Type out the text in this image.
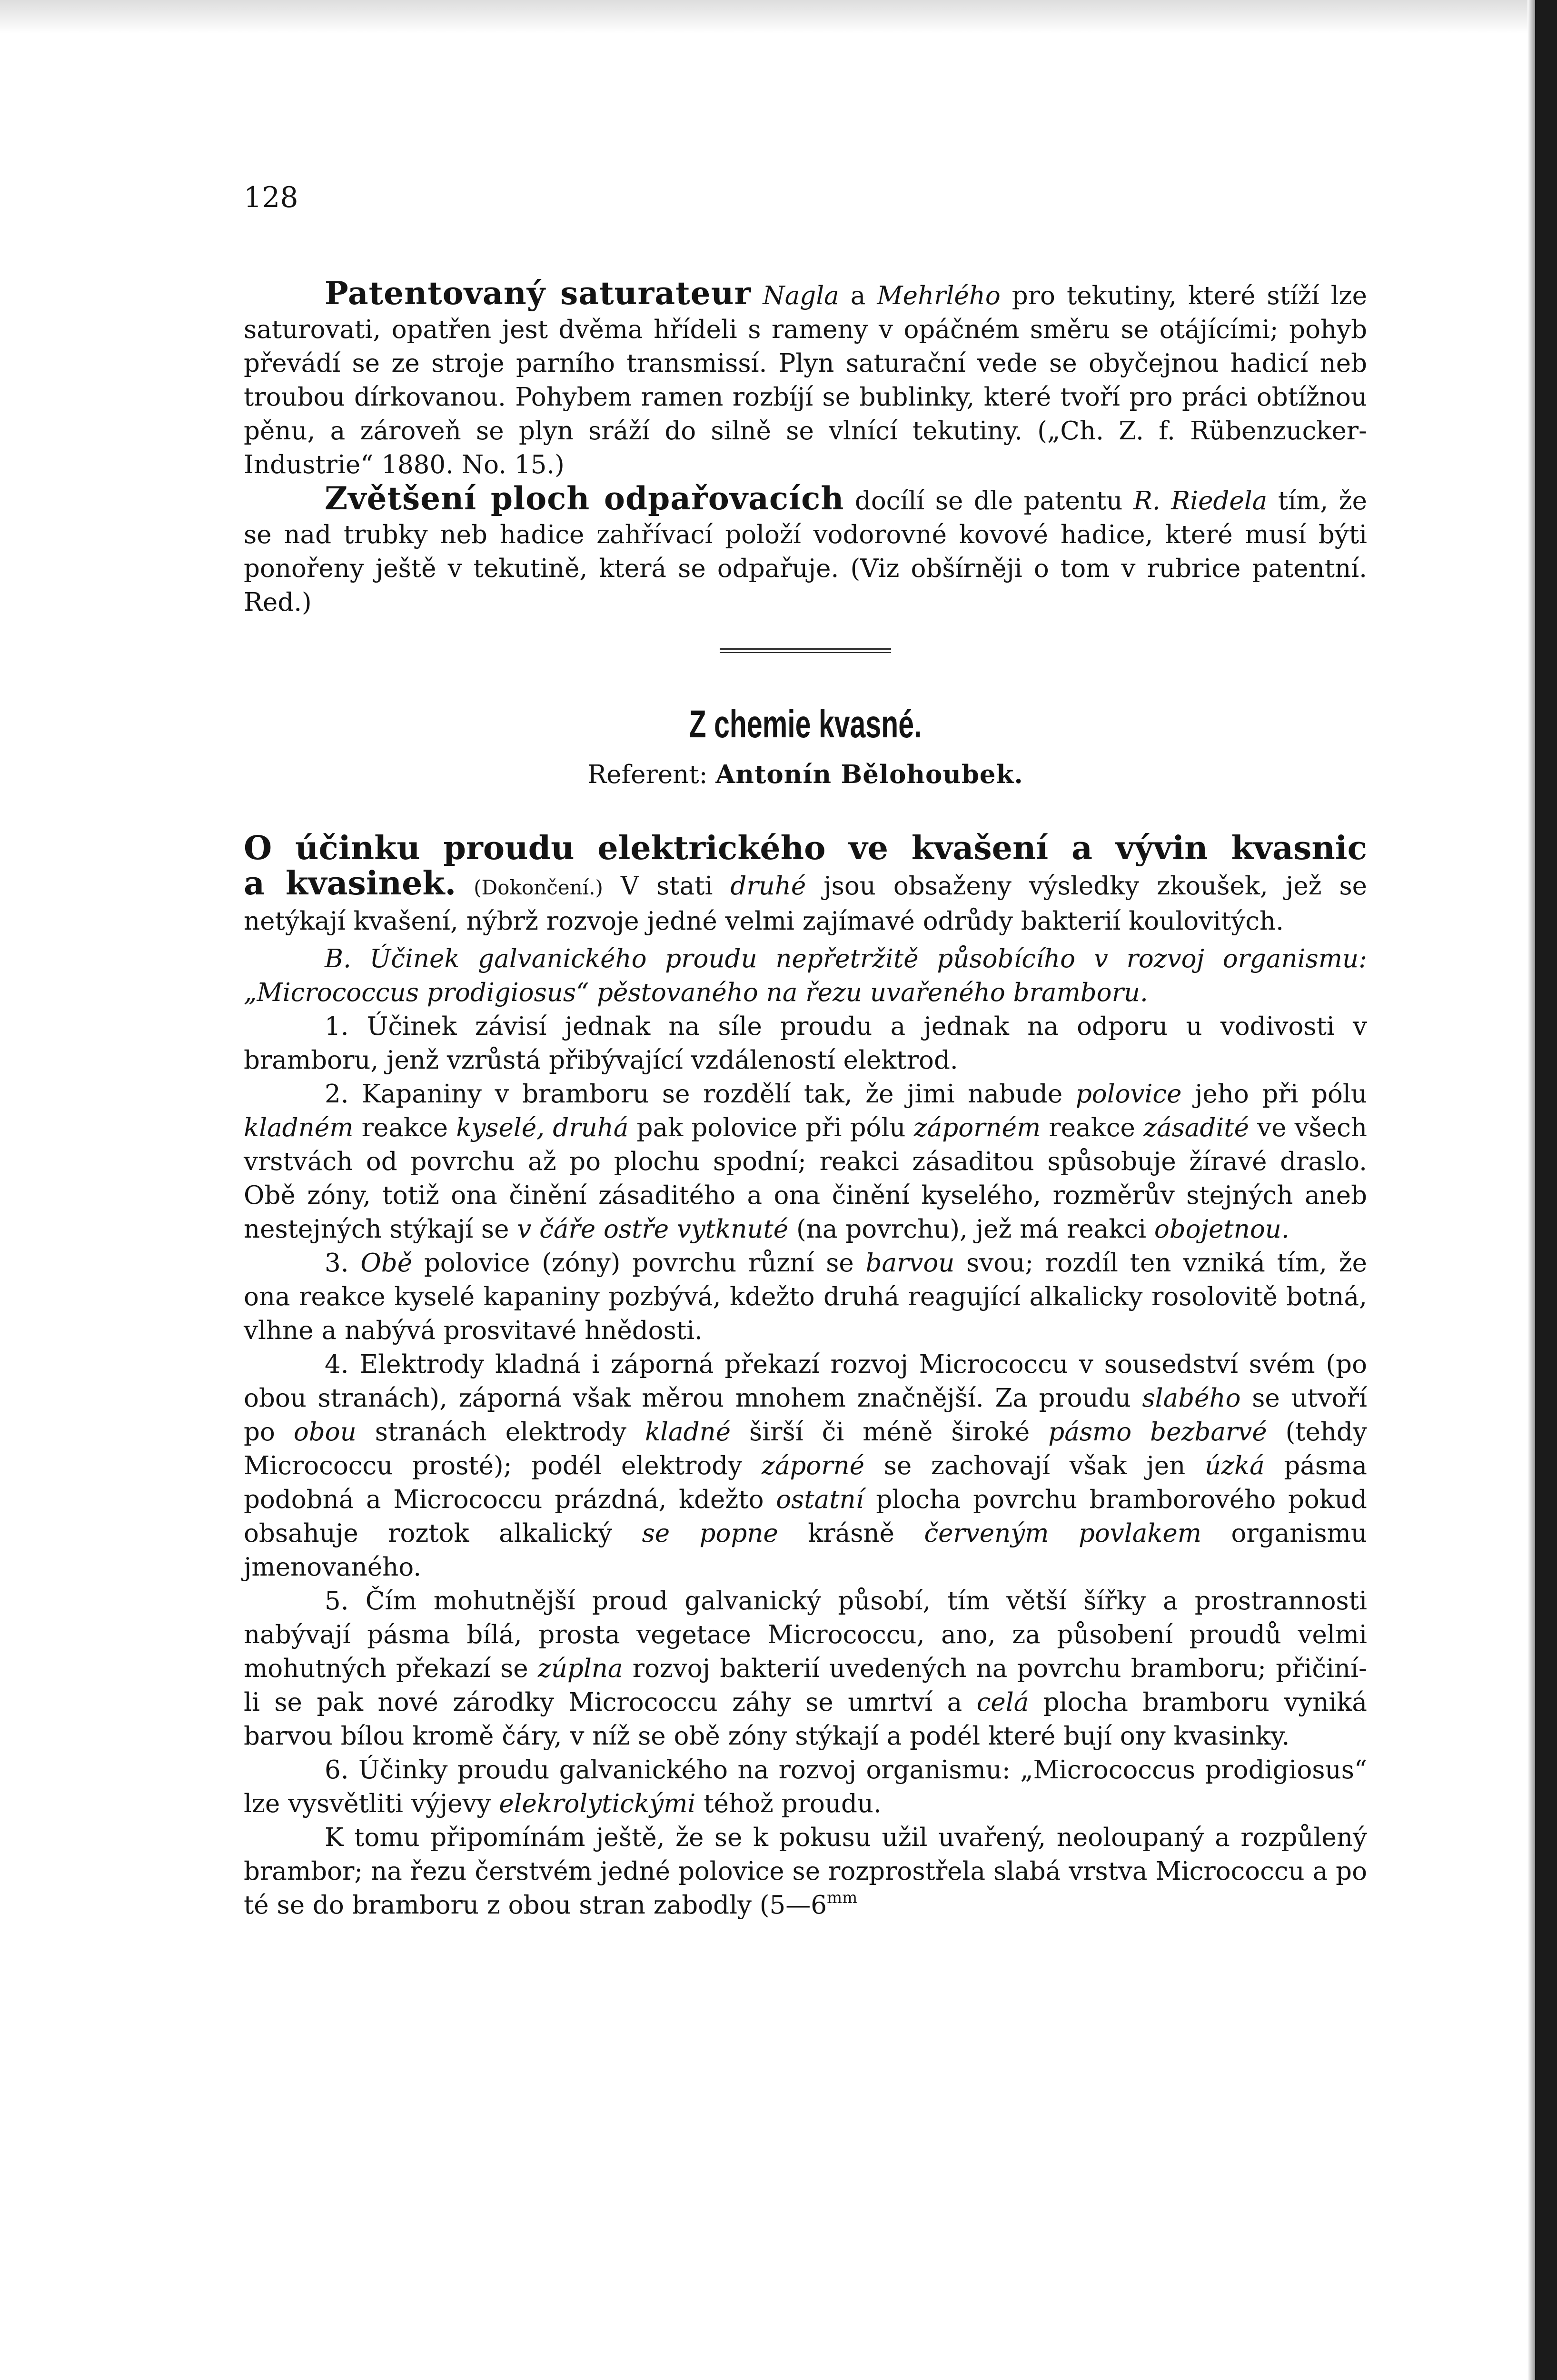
128

Patentovaný saturateur Nagla a Mehrlého pro tekutiny, které stíží lze saturovati, opatřen jest dvěma hřídeli s rameny v opáčném směru se otájícími; pohyb převádí se ze stroje parního transmissí. Plyn saturační vede se obyčejnou hadicí neb troubou dírkovanou. Pohybem ramen rozbíjí se bublinky, které tvoří pro práci obtížnou pěnu, a zároveň se plyn sráží do silně se vlnící tekutiny. („Ch. Z. f. Rübenzucker-Industrie“ 1880. No. 15.)

Zvětšení ploch odpařovacích docílí se dle patentu R. Riedela tím, že se nad trubky neb hadice zahřívací položí vodorovné kovové hadice, které musí býti ponořeny ještě v tekutině, která se odpařuje. (Viz obšírněji o tom v rubrice patentní. Red.)

Z chemie kvasné.
Referent: Antonín Bělohoubek.
O účinku proudu elektrického ve kvašení a vývin kvasnic

a kvasinek. (Dokončení.) V stati druhé jsou obsaženy výsledky zkoušek, jež se netýkají kvašení, nýbrž rozvoje jedné velmi zajímavé odrůdy bakterií koulovitých.

B. Účinek galvanického proudu nepřetržitě působícího v rozvoj organismu: „Micrococcus prodigiosus“ pěstovaného na řezu uvařeného bramboru.

1. Účinek závisí jednak na síle proudu a jednak na odporu u vodivosti v bramboru, jenž vzrůstá přibývající vzdáleností elektrod.

2. Kapaniny v bramboru se rozdělí tak, že jimi nabude polovice jeho při pólu kladném reakce kyselé, druhá pak polovice při pólu záporném reakce zásadité ve všech vrstvách od povrchu až po plochu spodní; reakci zásaditou spůsobuje žíravé draslo. Obě zóny, totiž ona činění zásaditého a ona činění kyselého, rozměrův stejných aneb nestejných stýkají se v čáře ostře vytknuté (na povrchu), jež má reakci obojetnou.

3. Obě polovice (zóny) povrchu různí se barvou svou; rozdíl ten vzniká tím, že ona reakce kyselé kapaniny pozbývá, kdežto druhá reagující alkalicky rosolovitě botná, vlhne a nabývá prosvitavé hnědosti.

4. Elektrody kladná i záporná překazí rozvoj Micrococcu v sousedství svém (po obou stranách), záporná však měrou mnohem značnější. Za proudu slabého se utvoří po obou stranách elektrody kladné širší či méně široké pásmo bezbarvé (tehdy Micrococcu prosté); podél elektrody záporné se zachovají však jen úzká pásma podobná a Micrococcu prázdná, kdežto ostatní plocha povrchu bramborového pokud obsahuje roztok alkalický se popne krásně červeným povlakem organismu jmenovaného.

5. Čím mohutnější proud galvanický působí, tím větší šířky a prostrannosti nabývají pásma bílá, prosta vegetace Micrococcu, ano, za působení proudů velmi mohutných překazí se zúplna rozvoj bakterií uvedených na povrchu bramboru; přičiní-li se pak nové zárodky Micrococcu záhy se umrtví a celá plocha bramboru vyniká barvou bílou kromě čáry, v níž se obě zóny stýkají a podél které bují ony kvasinky.

6. Účinky proudu galvanického na rozvoj organismu: „Micrococcus prodigiosus“ lze vysvětliti výjevy elekrolytickými téhož proudu.

K tomu připomínám ještě, že se k pokusu užil uvařený, neoloupaný a rozpůlený brambor; na řezu čerstvém jedné polovice se rozprostřela slabá vrstva Micrococcu a po té se do bramboru z obou stran zabodly ($5—6^{mm}$
